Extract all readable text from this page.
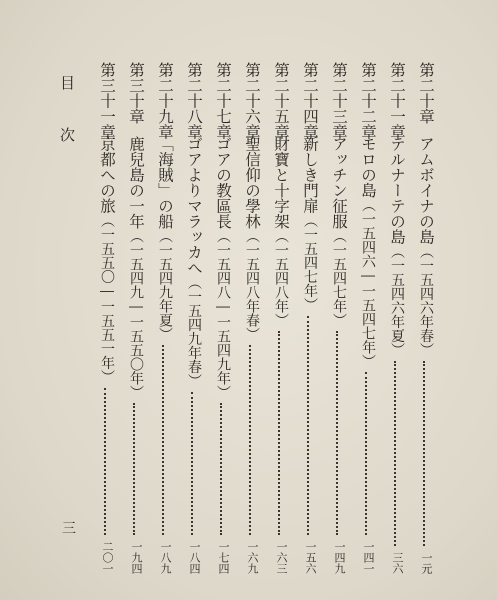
目
次
三
第二十章アムボイナの島（一五四六年春）
第二十一章テルナーテの島（一五四六年夏）
第二十二章モロの島（一五四六―一五四七年）
第二十三章アッチン征服（一五四七年）
第二十四章新しき門扉（一五四七年）
第二十五章財寶と十字架（一五四八年）
第二十六章聖信仰の學林（一五四八年春）
第二十七章ゴアの教區長（一五四八―一五四九年）
第二十八章ゴアよりマラッカへ（一五四九年春）
第二十九章「海賊」の船（一五四九年夏）
第三十章鹿兒島の一年（一五四九―一五五〇年）
第三十一章京都への旅（一五五〇―一五五一年）
一元
三六
一四一
一四九
一五六
一六三
一六九
一七四
一八四
一八九
一九四
二〇一
